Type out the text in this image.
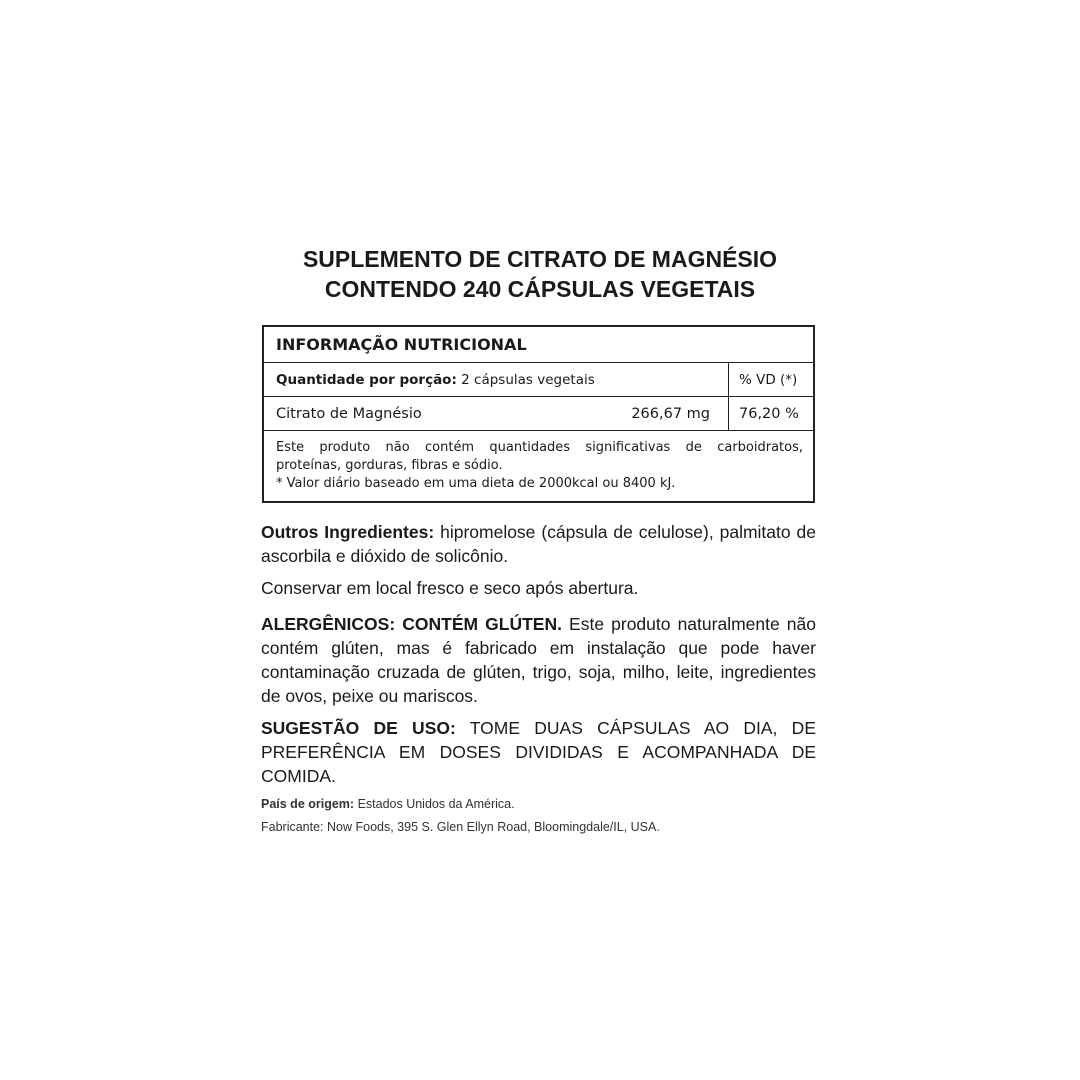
SUPLEMENTO DE CITRATO DE MAGNÉSIO
CONTENDO 240 CÁPSULAS VEGETAIS
INFORMAÇÃO NUTRICIONAL
Quantidade por porção: 2 cápsulas vegetais	% VD (*)
Citrato de Magnésio	266,67 mg	76,20 %

Este produto não contém quantidades significativas de carboidratos,

proteínas, gorduras, fibras e sódio.

* Valor diário baseado em uma dieta de 2000kcal ou 8400 kJ.

Outros Ingredientes: hipromelose (cápsula de celulose), palmitato de ascorbila e dióxido de solicônio.
Conservar em local fresco e seco após abertura.
ALERGÊNICOS: CONTÉM GLÚTEN. Este produto naturalmente não contém glúten, mas é fabricado em instalação que pode haver contaminação cruzada de glúten, trigo, soja, milho, leite, ingredientes de ovos, peixe ou mariscos.
SUGESTÃO DE USO: TOME DUAS CÁPSULAS AO DIA, DE PREFERÊNCIA EM DOSES DIVIDIDAS E ACOMPANHADA DE COMIDA.
País de origem: Estados Unidos da América.
Fabricante: Now Foods, 395 S. Glen Ellyn Road, Bloomingdale/IL, USA.
